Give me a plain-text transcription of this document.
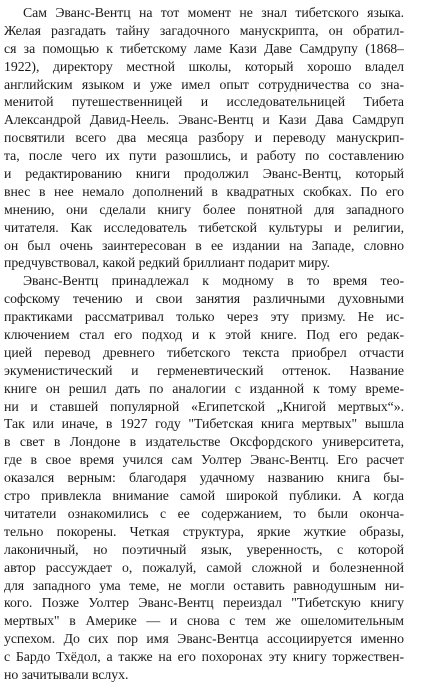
Сам Эванс-Вентц на тот момент не знал тибетского языка.
Желая разгадать тайну загадочного манускрипта, он обратил-
ся за помощью к тибетскому ламе Кази Даве Самдрупу (1868–
1922), директору местной школы, который хорошо владел
английским языком и уже имел опыт сотрудничества со зна-
менитой путешественницей и исследовательницей Тибета
Александрой Давид-Неель. Эванс-Вентц и Кази Дава Самдруп
посвятили всего два месяца разбору и переводу манускрип-
та, после чего их пути разошлись, и работу по составлению
и редактированию книги продолжил Эванс-Вентц, который
внес в нее немало дополнений в квадратных скобках. По его
мнению, они сделали книгу более понятной для западного
читателя. Как исследователь тибетской культуры и религии,
он был очень заинтересован в ее издании на Западе, словно
предчувствовал, какой редкий бриллиант подарит миру.

Эванс-Вентц принадлежал к модному в то время тео-
софскому течению и свои занятия различными духовными
практиками рассматривал только через эту призму. Не ис-
ключением стал его подход и к этой книге. Под его редак-
цией перевод древнего тибетского текста приобрел отчасти
экуменистический и герменевтический оттенок. Название
книге он решил дать по аналогии с изданной к тому време-
ни и ставшей популярной «Египетской „Книгой мертвых“».
Так или иначе, в 1927 году "Тибетская книга мертвых" вышла
в свет в Лондоне в издательстве Оксфордского университета,
где в свое время учился сам Уолтер Эванс-Вентц. Его расчет
оказался верным: благодаря удачному названию книга бы-
стро привлекла внимание самой широкой публики. А когда
читатели ознакомились с ее содержанием, то были оконча-
тельно покорены. Четкая структура, яркие жуткие образы,
лаконичный, но поэтичный язык, уверенность, с которой
автор рассуждает о, пожалуй, самой сложной и болезненной
для западного ума теме, не могли оставить равнодушным ни-
кого. Позже Уолтер Эванс-Вентц переиздал "Тибетскую книгу
мертвых" в Америке — и снова с тем же ошеломительным
успехом. До сих пор имя Эванс-Вентца ассоциируется именно
с Бардо Тхёдол, а также на его похоронах эту книгу торжествен-
но зачитывали вслух.
